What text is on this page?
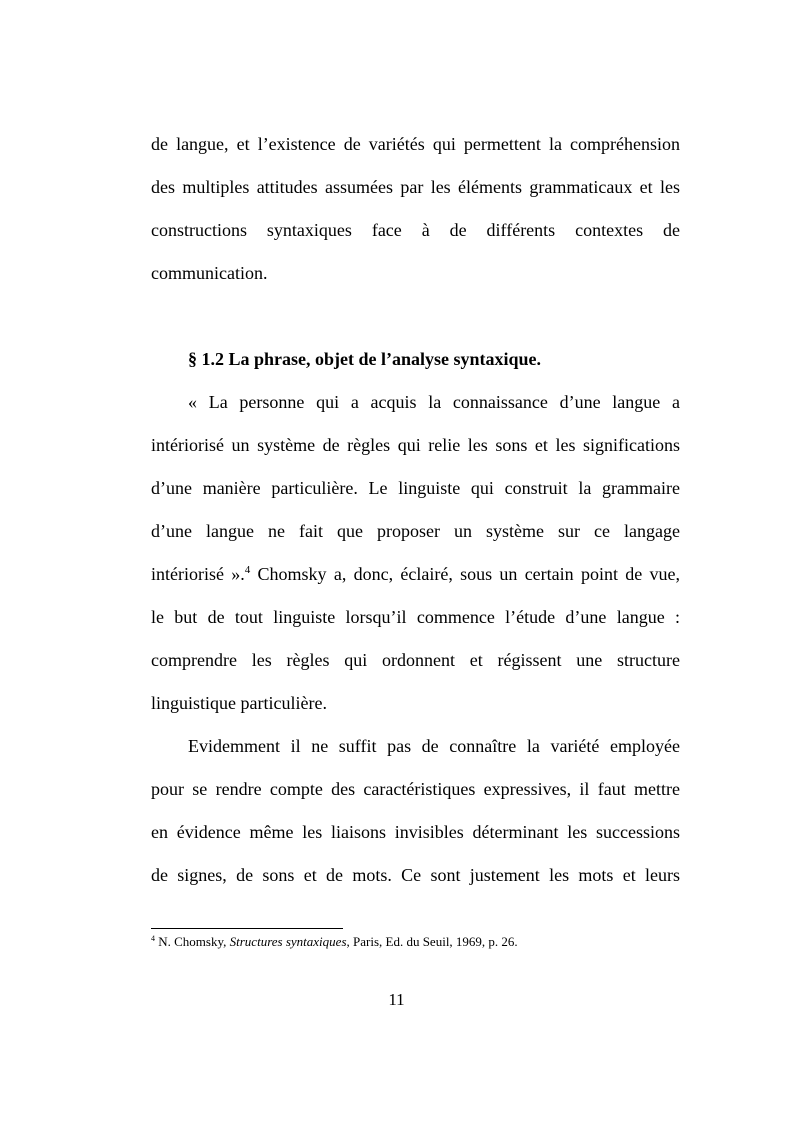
de langue, et l’existence de variétés qui permettent la compréhension
des multiples attitudes assumées par les éléments grammaticaux et les
constructions syntaxiques face à de différents contextes de
communication.
§ 1.2 La phrase, objet de l’analyse syntaxique.
« La personne qui a acquis la connaissance d’une langue a
intériorisé un système de règles qui relie les sons et les significations
d’une manière particulière. Le linguiste qui construit la grammaire
d’une langue ne fait que proposer un système sur ce langage
intériorisé ».$^4$ Chomsky a, donc, éclairé, sous un certain point de vue,
le but de tout linguiste lorsqu’il commence l’étude d’une langue :
comprendre les règles qui ordonnent et régissent une structure
linguistique particulière.
Evidemment il ne suffit pas de connaître la variété employée
pour se rendre compte des caractéristiques expressives, il faut mettre
en évidence même les liaisons invisibles déterminant les successions
de signes, de sons et de mots. Ce sont justement les mots et leurs
$^4$ N. Chomsky, Structures syntaxiques, Paris, Ed. du Seuil, 1969, p. 26.
11
